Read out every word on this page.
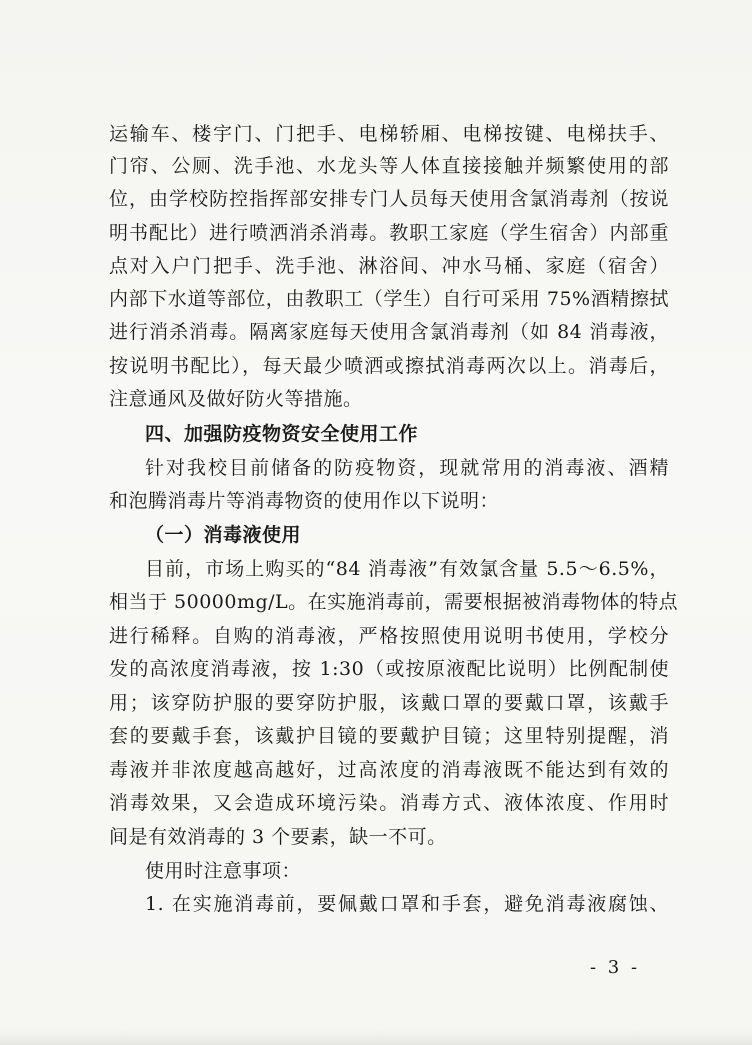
运输车、楼宇门、门把手、电梯轿厢、电梯按键、电梯扶手、
门帘、公厕、洗手池、水龙头等人体直接接触并频繁使用的部
位，由学校防控指挥部安排专门人员每天使用含氯消毒剂（按说
明书配比）进行喷洒消杀消毒。教职工家庭（学生宿舍）内部重
点对入户门把手、洗手池、淋浴间、冲水马桶、家庭（宿舍）
内部下水道等部位，由教职工（学生）自行可采用 75%酒精擦拭
进行消杀消毒。隔离家庭每天使用含氯消毒剂（如 84 消毒液，
按说明书配比），每天最少喷洒或擦拭消毒两次以上。消毒后，
注意通风及做好防火等措施。
四、加强防疫物资安全使用工作
针对我校目前储备的防疫物资，现就常用的消毒液、酒精
和泡腾消毒片等消毒物资的使用作以下说明：
（一）消毒液使用
目前，市场上购买的“84 消毒液”有效氯含量 5.5～6.5%，
相当于 50000mg/L。在实施消毒前，需要根据被消毒物体的特点
进行稀释。自购的消毒液，严格按照使用说明书使用，学校分
发的高浓度消毒液，按 1:30（或按原液配比说明）比例配制使
用；该穿防护服的要穿防护服，该戴口罩的要戴口罩，该戴手
套的要戴手套，该戴护目镜的要戴护目镜；这里特别提醒，消
毒液并非浓度越高越好，过高浓度的消毒液既不能达到有效的
消毒效果，又会造成环境污染。消毒方式、液体浓度、作用时
间是有效消毒的 3 个要素，缺一不可。
使用时注意事项：
1. 在实施消毒前，要佩戴口罩和手套，避免消毒液腐蚀、
- 3 -
